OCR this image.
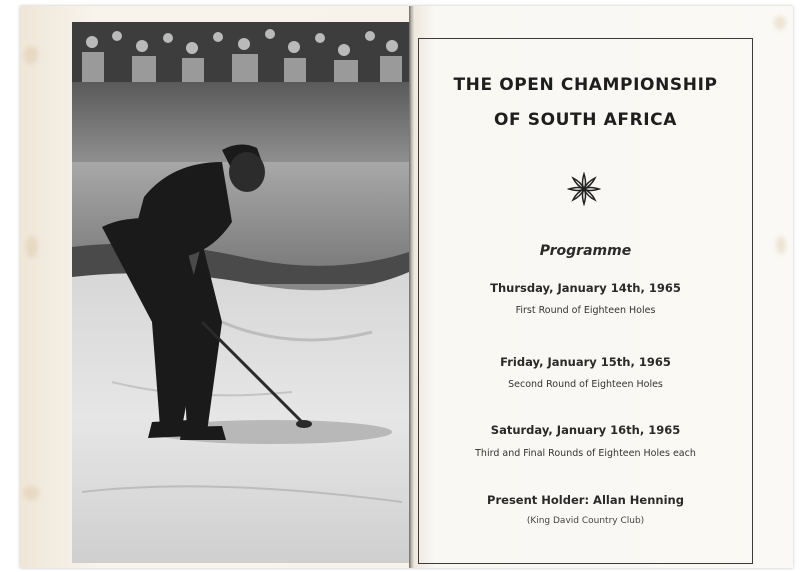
THE OPEN CHAMPIONSHIP
OF SOUTH AFRICA
Programme
Thursday, January 14th, 1965
First Round of Eighteen Holes
Friday, January 15th, 1965
Second Round of Eighteen Holes
Saturday, January 16th, 1965
Third and Final Rounds of Eighteen Holes each
Present Holder: Allan Henning
(King David Country Club)
